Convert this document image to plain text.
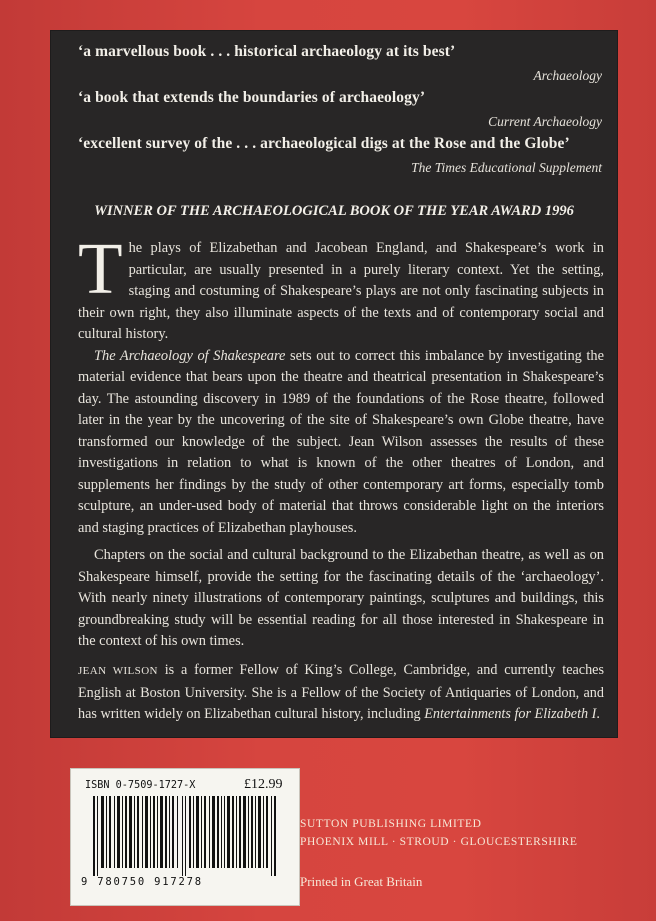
‘a marvellous book . . . historical archaeology at its best’
Archaeology
‘a book that extends the boundaries of archaeology’
Current Archaeology
‘excellent survey of the . . . archaeological digs at the Rose and the Globe’
The Times Educational Supplement
WINNER OF THE ARCHAEOLOGICAL BOOK OF THE YEAR AWARD 1996

The plays of Elizabethan and Jacobean England, and Shakespeare’s work in particular, are usually presented in a purely literary context. Yet the setting, staging and costuming of Shakespeare’s plays are not only fascinating subjects in their own right, they also illuminate aspects of the texts and of contemporary social and cultural history.

The Archaeology of Shakespeare sets out to correct this imbalance by investigating the material evidence that bears upon the theatre and theatrical presentation in Shakespeare’s day. The astounding discovery in 1989 of the foundations of the Rose theatre, followed later in the year by the uncovering of the site of Shakespeare’s own Globe theatre, have transformed our knowledge of the subject. Jean Wilson assesses the results of these investigations in relation to what is known of the other theatres of London, and supplements her findings by the study of other contemporary art forms, especially tomb sculpture, an under-used body of material that throws considerable light on the interiors and staging practices of Elizabethan playhouses.

Chapters on the social and cultural background to the Elizabethan theatre, as well as on Shakespeare himself, provide the setting for the fascinating details of the ‘archaeology’. With nearly ninety illustrations of contemporary paintings, sculptures and buildings, this groundbreaking study will be essential reading for all those interested in Shakespeare in the context of his own times.

JEAN WILSON is a former Fellow of King’s College, Cambridge, and currently teaches English at Boston University. She is a Fellow of the Society of Antiquaries of London, and has written widely on Elizabethan cultural history, including Entertainments for Elizabeth I.

ISBN 0-7509-1727-X	£12.99
9 780750 917278
SUTTON PUBLISHING LIMITED
PHOENIX MILL · STROUD · GLOUCESTERSHIRE
Printed in Great Britain
